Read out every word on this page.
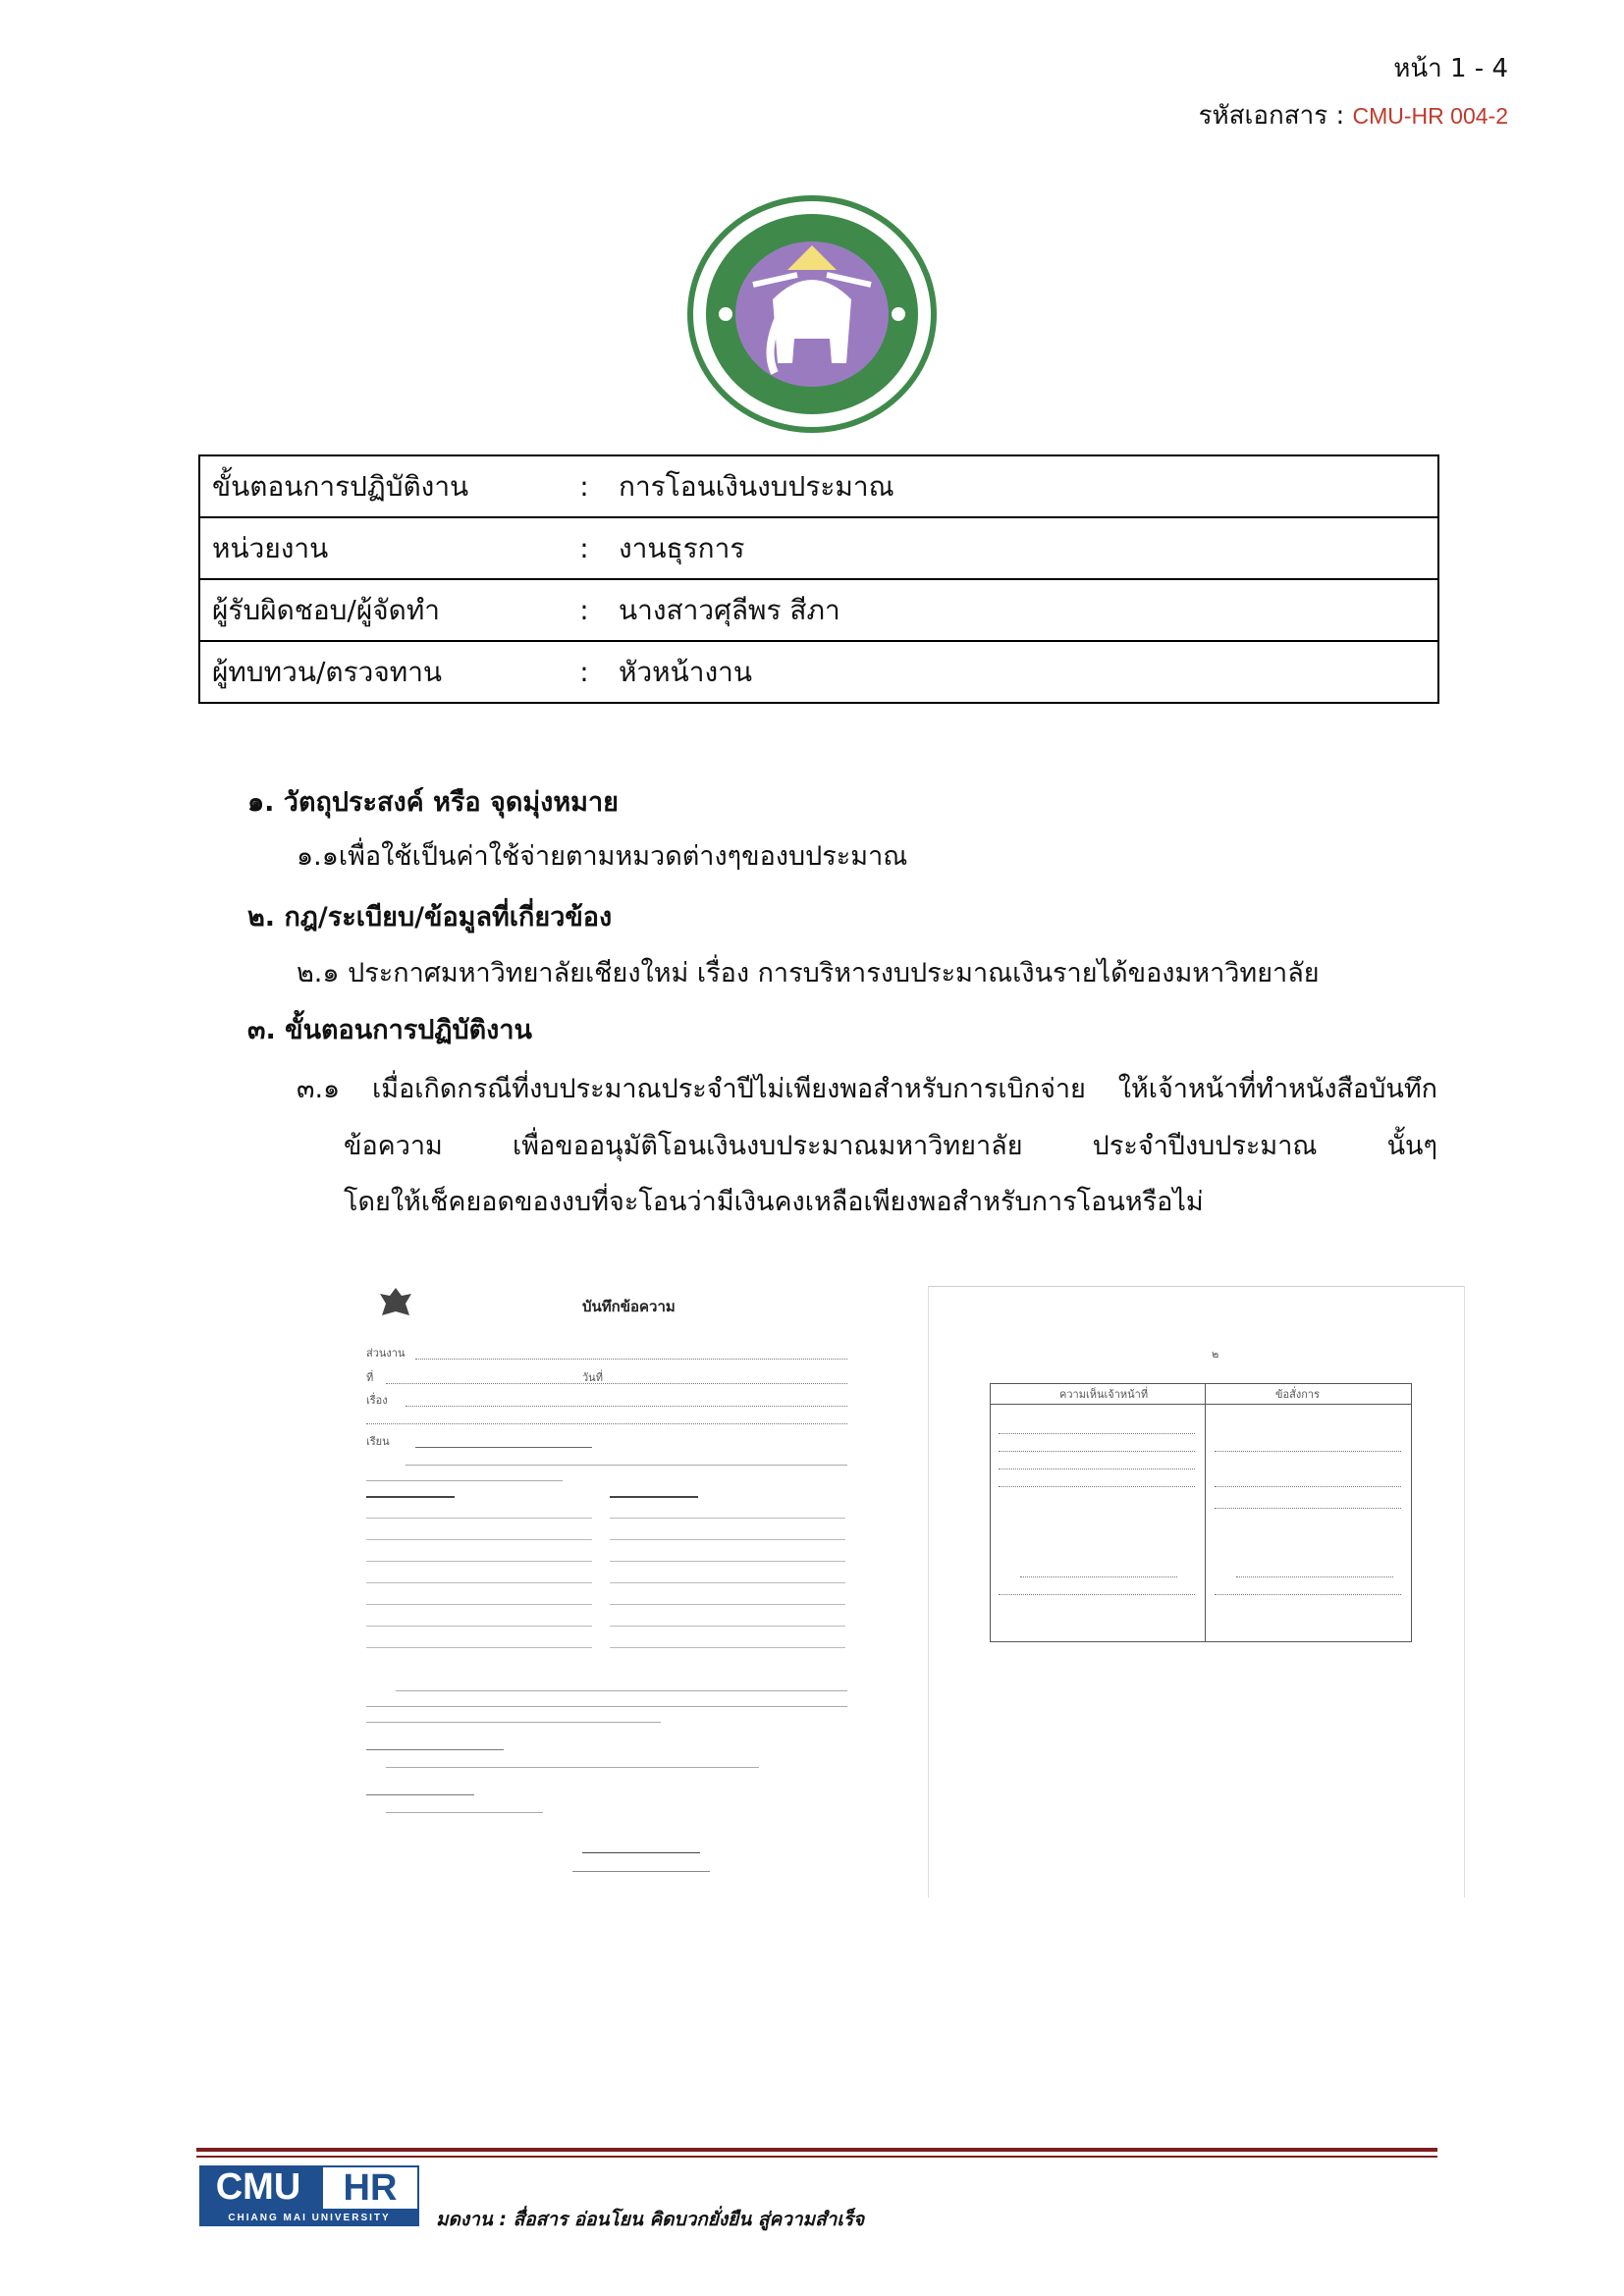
หน้า 1 - 4
รหัสเอกสาร : CMU-HR 004-2
ขั้นตอนการปฏิบัติงาน	:	การโอนเงินงบประมาณ
หน่วยงาน	:	งานธุรการ
ผู้รับผิดชอบ/ผู้จัดทำ	:	นางสาวศุลีพร สีภา
ผู้ทบทวน/ตรวจทาน	:	หัวหน้างาน
๑. วัตถุประสงค์ หรือ จุดมุ่งหมาย
๑.๑เพื่อใช้เป็นค่าใช้จ่ายตามหมวดต่างๆของบประมาณ
๒. กฎ/ระเบียบ/ข้อมูลที่เกี่ยวข้อง
๒.๑ ประกาศมหาวิทยาลัยเชียงใหม่ เรื่อง การบริหารงบประมาณเงินรายได้ของมหาวิทยาลัย
๓. ขั้นตอนการปฏิบัติงาน
๓.๑ เมื่อเกิดกรณีที่งบประมาณประจำปีไม่เพียงพอสำหรับการเบิกจ่าย ให้เจ้าหน้าที่ทำหนังสือบันทึก
ข้อความ เพื่อขออนุมัติโอนเงินงบประมาณมหาวิทยาลัย ประจำปีงบประมาณ นั้นๆ
โดยให้เช็คยอดของงบที่จะโอนว่ามีเงินคงเหลือเพียงพอสำหรับการโอนหรือไม่
บันทึกข้อความ
ส่วนงาน
ที่	วันที่
เรื่อง
เรียน
๒
ความเห็นเจ้าหน้าที่	ข้อสั่งการ
CMU	HR
CHIANG MAI UNIVERSITY	มดงาน : สื่อสาร อ่อนโยน คิดบวกยั่งยืน สู่ความสำเร็จ
